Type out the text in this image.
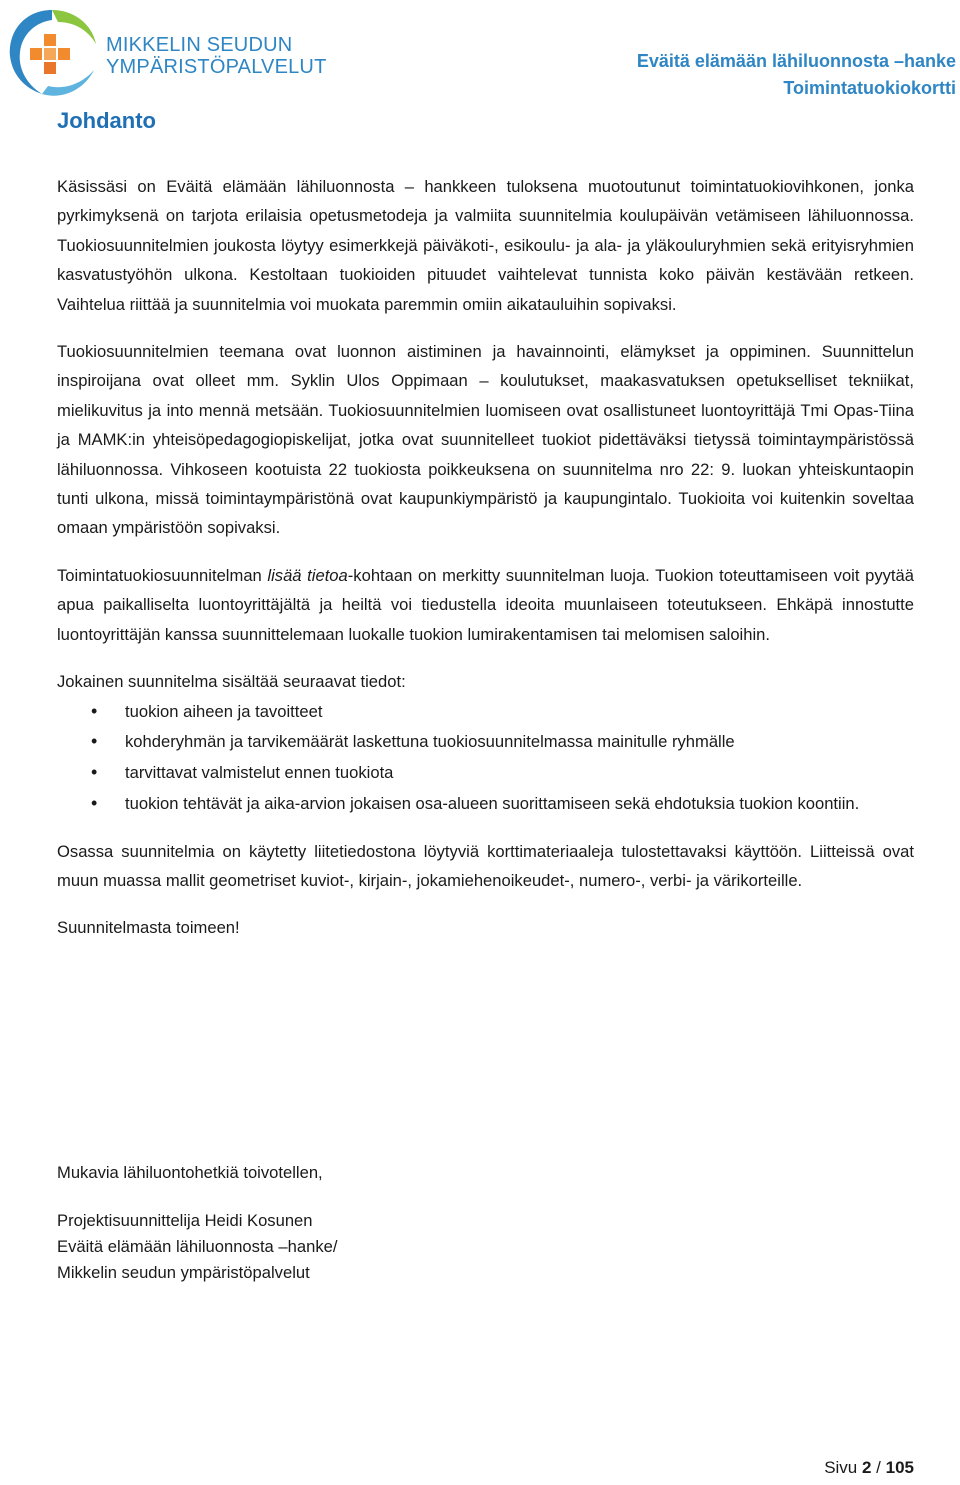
MIKKELIN SEUDUN
YMPÄRISTÖPALVELUT	Eväitä elämään lähiluonnosta –hanke
Toimintatuokiokortti
Johdanto

Käsissäsi on Eväitä elämään lähiluonnosta – hankkeen tuloksena muotoutunut toimintatuokiovihkonen, jonka pyrkimyksenä on tarjota erilaisia opetusmetodeja ja valmiita suunnitelmia koulupäivän vetämiseen lähiluonnossa. Tuokiosuunnitelmien joukosta löytyy esimerkkejä päiväkoti-, esikoulu- ja ala- ja yläkouluryhmien sekä erityisryhmien kasvatustyöhön ulkona. Kestoltaan tuokioiden pituudet vaihtelevat tunnista koko päivän kestävään retkeen. Vaihtelua riittää ja suunnitelmia voi muokata paremmin omiin aikatauluihin sopivaksi.

Tuokiosuunnitelmien teemana ovat luonnon aistiminen ja havainnointi, elämykset ja oppiminen. Suunnittelun inspiroijana ovat olleet mm. Syklin Ulos Oppimaan – koulutukset, maakasvatuksen opetukselliset tekniikat, mielikuvitus ja into mennä metsään. Tuokiosuunnitelmien luomiseen ovat osallistuneet luontoyrittäjä Tmi Opas-Tiina ja MAMK:in yhteisöpedagogiopiskelijat, jotka ovat suunnitelleet tuokiot pidettäväksi tietyssä toimintaympäristössä lähiluonnossa. Vihkoseen kootuista 22 tuokiosta poikkeuksena on suunnitelma nro 22: 9. luokan yhteiskuntaopin tunti ulkona, missä toimintaympäristönä ovat kaupunkiympäristö ja kaupungintalo. Tuokioita voi kuitenkin soveltaa omaan ympäristöön sopivaksi.

Toimintatuokiosuunnitelman lisää tietoa-kohtaan on merkitty suunnitelman luoja. Tuokion toteuttamiseen voit pyytää apua paikalliselta luontoyrittäjältä ja heiltä voi tiedustella ideoita muunlaiseen toteutukseen. Ehkäpä innostutte luontoyrittäjän kanssa suunnittelemaan luokalle tuokion lumirakentamisen tai melomisen saloihin.

Jokainen suunnitelma sisältää seuraavat tiedot:

• tuokion aiheen ja tavoitteet
• kohderyhmän ja tarvikemäärät laskettuna tuokiosuunnitelmassa mainitulle ryhmälle
• tarvittavat valmistelut ennen tuokiota
• tuokion tehtävät ja aika-arvion jokaisen osa-alueen suorittamiseen sekä ehdotuksia tuokion koontiin.

Osassa suunnitelmia on käytetty liitetiedostona löytyviä korttimateriaaleja tulostettavaksi käyttöön. Liitteissä ovat muun muassa mallit geometriset kuviot-, kirjain-, jokamiehenoikeudet-, numero-, verbi- ja värikorteille.

Suunnitelmasta toimeen!

Mukavia lähiluontohetkiä toivotellen,

Projektisuunnittelija Heidi Kosunen
Eväitä elämään lähiluonnosta –hanke/
Mikkelin seudun ympäristöpalvelut
Sivu 2 / 105
